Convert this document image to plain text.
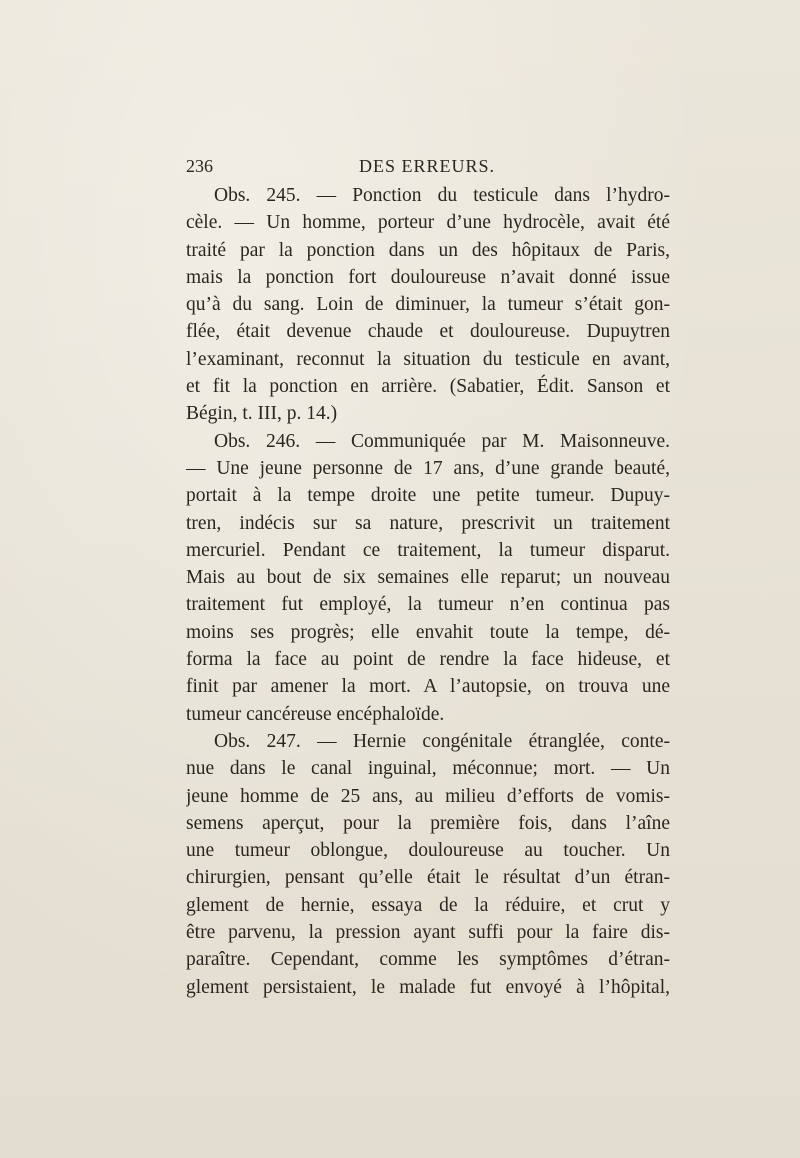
236	DES ERREURS.
Obs. 245. — Ponction du testicule dans l’hydro-
cèle. — Un homme, porteur d’une hydrocèle, avait été
traité par la ponction dans un des hôpitaux de Paris,
mais la ponction fort douloureuse n’avait donné issue
qu’à du sang. Loin de diminuer, la tumeur s’était gon-
flée, était devenue chaude et douloureuse. Dupuytren
l’examinant, reconnut la situation du testicule en avant,
et fit la ponction en arrière. (Sabatier, Édit. Sanson et
Bégin, t. III, p. 14.)
Obs. 246. — Communiquée par M. Maisonneuve.
— Une jeune personne de 17 ans, d’une grande beauté,
portait à la tempe droite une petite tumeur. Dupuy-
tren, indécis sur sa nature, prescrivit un traitement
mercuriel. Pendant ce traitement, la tumeur disparut.
Mais au bout de six semaines elle reparut; un nouveau
traitement fut employé, la tumeur n’en continua pas
moins ses progrès; elle envahit toute la tempe, dé-
forma la face au point de rendre la face hideuse, et
finit par amener la mort. A l’autopsie, on trouva une
tumeur cancéreuse encéphaloïde.
Obs. 247. — Hernie congénitale étranglée, conte-
nue dans le canal inguinal, méconnue; mort. — Un
jeune homme de 25 ans, au milieu d’efforts de vomis-
semens aperçut, pour la première fois, dans l’aîne
une tumeur oblongue, douloureuse au toucher. Un
chirurgien, pensant qu’elle était le résultat d’un étran-
glement de hernie, essaya de la réduire, et crut y
être parvenu, la pression ayant suffi pour la faire dis-
paraître. Cependant, comme les symptômes d’étran-
glement persistaient, le malade fut envoyé à l’hôpital,
